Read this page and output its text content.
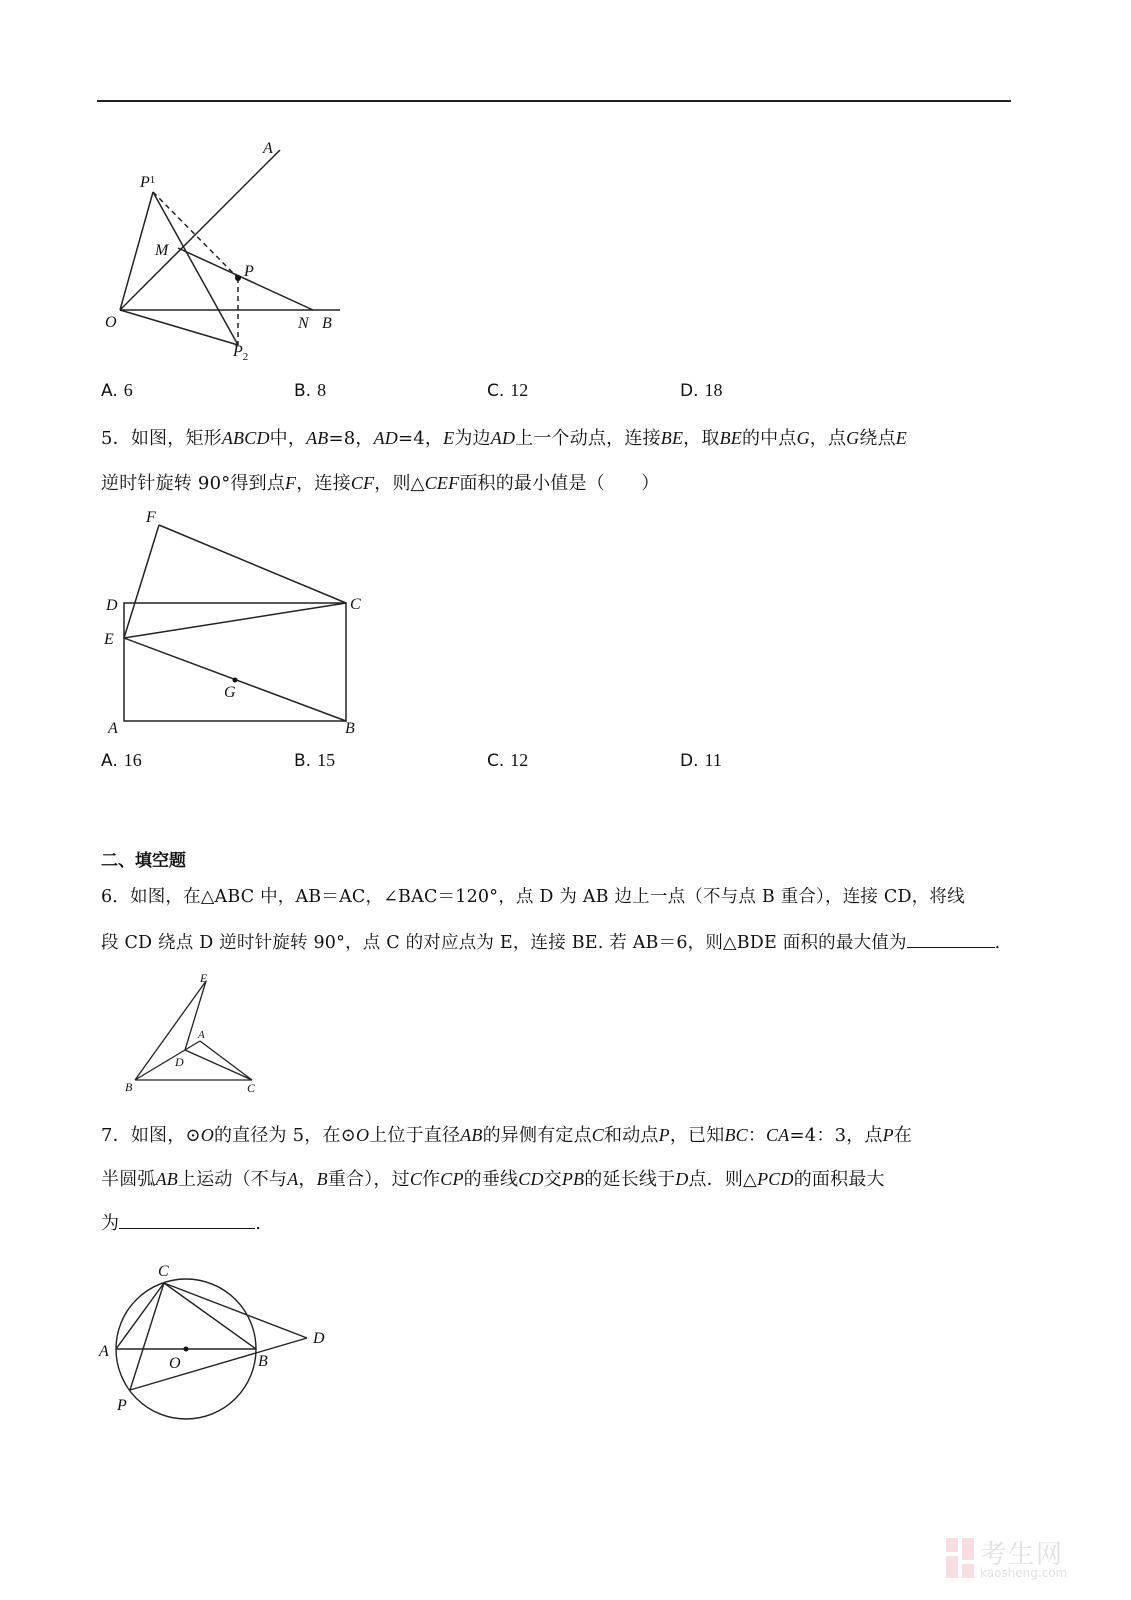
A
$P^1$
M
P
O	N B
$P_2$
A. 6	B. 8	C. 12	D. 18
5．如图，矩形ABCD中，AB=8，AD=4，E为边AD上一个动点，连接BE，取BE的中点G，点G绕点E
逆时针旋转 90°得到点F，连接CF，则△CEF面积的最小值是（　　）
F
D	C
E
G
A	B
A. 16	B. 15	C. 12	D. 11
二、填空题
6．如图，在△ABC 中，AB＝AC，∠BAC＝120°，点 D 为 AB 边上一点（不与点 B 重合），连接 CD，将线
段 CD 绕点 D 逆时针旋转 90°，点 C 的对应点为 E，连接 BE. 若 AB＝6，则△BDE 面积的最大值为	.
E
A
D
B	C
7．如图，⊙O的直径为 5，在⊙O上位于直径AB的异侧有定点C和动点P，已知BC：CA=4：3，点P在
半圆弧AB上运动（不与A，B重合），过C作CP的垂线CD交PB的延长线于D点．则△PCD的面积最大
为	.
C
A
O	B
D
P
考生网
kaosheng.com
